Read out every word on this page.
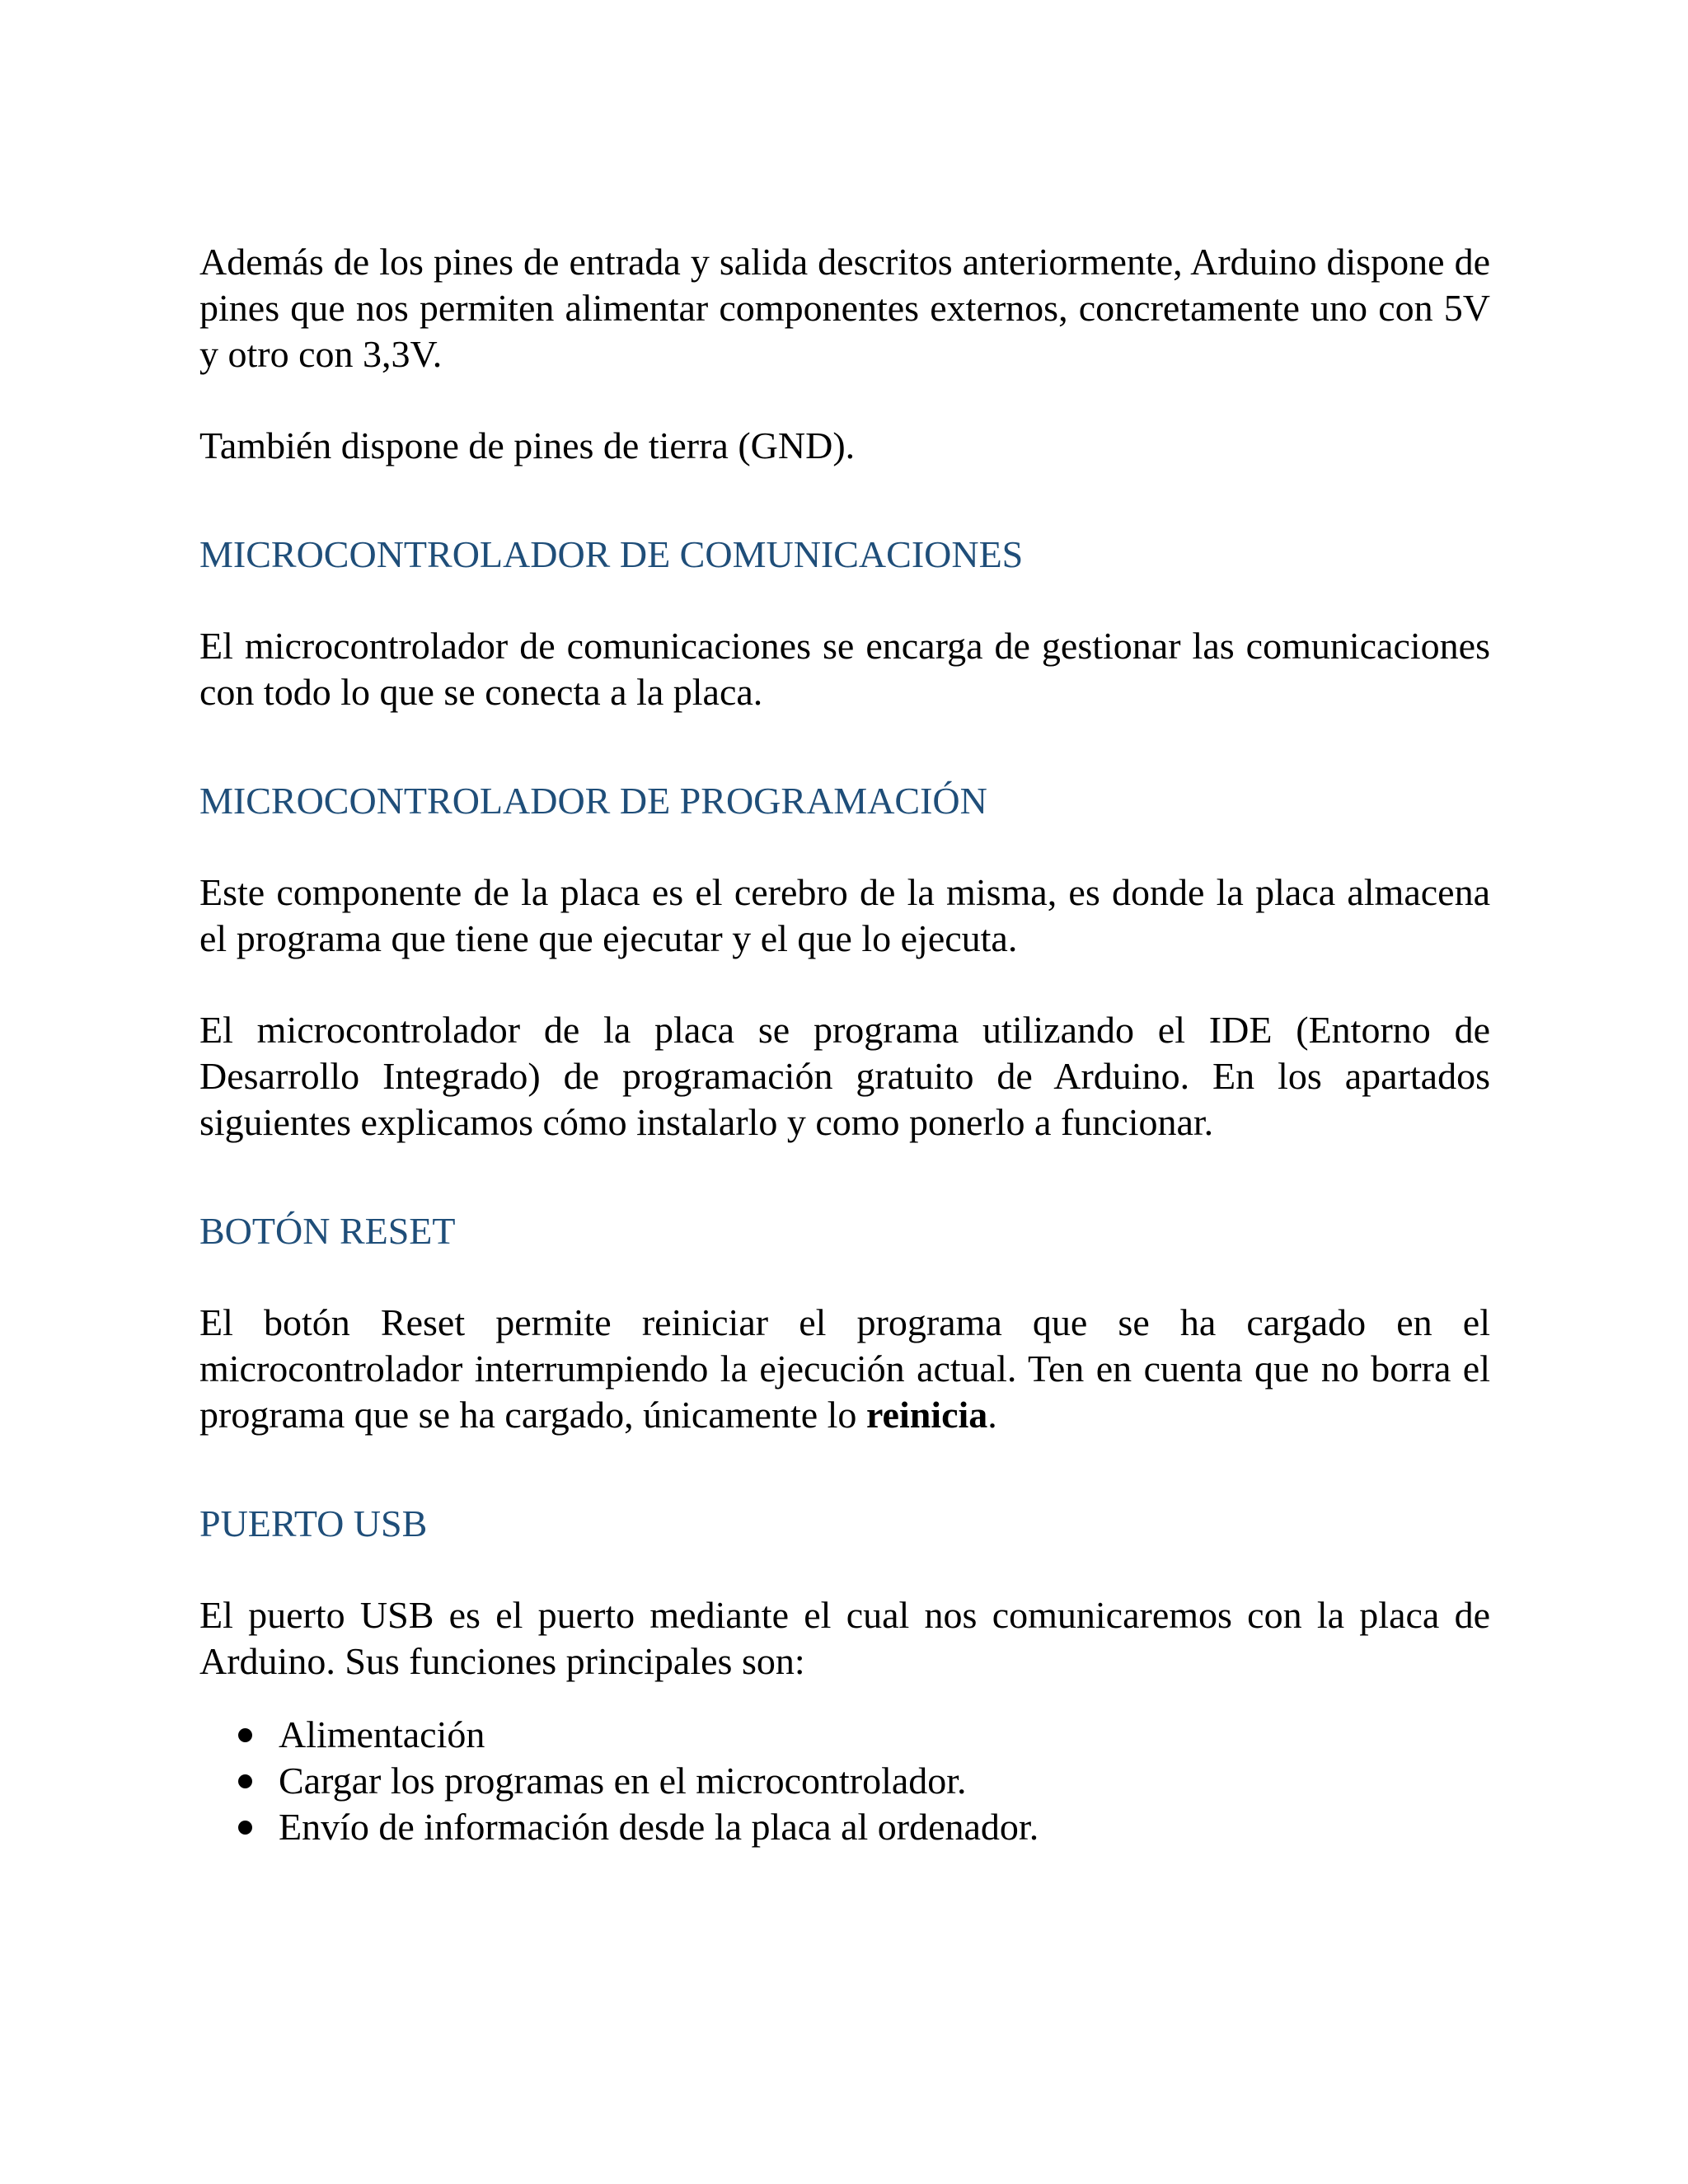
Además de los pines de entrada y salida descritos anteriormente, Arduino dispone de pines que nos permiten alimentar componentes externos, concretamente uno con 5V y otro con 3,3V.

También dispone de pines de tierra (GND).

MICROCONTROLADOR DE COMUNICACIONES

El microcontrolador de comunicaciones se encarga de gestionar las comunicaciones con todo lo que se conecta a la placa.

MICROCONTROLADOR DE PROGRAMACIÓN

Este componente de la placa es el cerebro de la misma, es donde la placa almacena el programa que tiene que ejecutar y el que lo ejecuta.

El microcontrolador de la placa se programa utilizando el IDE (Entorno de Desarrollo Integrado) de programación gratuito de Arduino. En los apartados siguientes explicamos cómo instalarlo y como ponerlo a funcionar.

BOTÓN RESET

El botón Reset permite reiniciar el programa que se ha cargado en el microcontrolador interrumpiendo la ejecución actual. Ten en cuenta que no borra el programa que se ha cargado, únicamente lo reinicia.

PUERTO USB

El puerto USB es el puerto mediante el cual nos comunicaremos con la placa de Arduino. Sus funciones principales son:

Alimentación
Cargar los programas en el microcontrolador.
Envío de información desde la placa al ordenador.
